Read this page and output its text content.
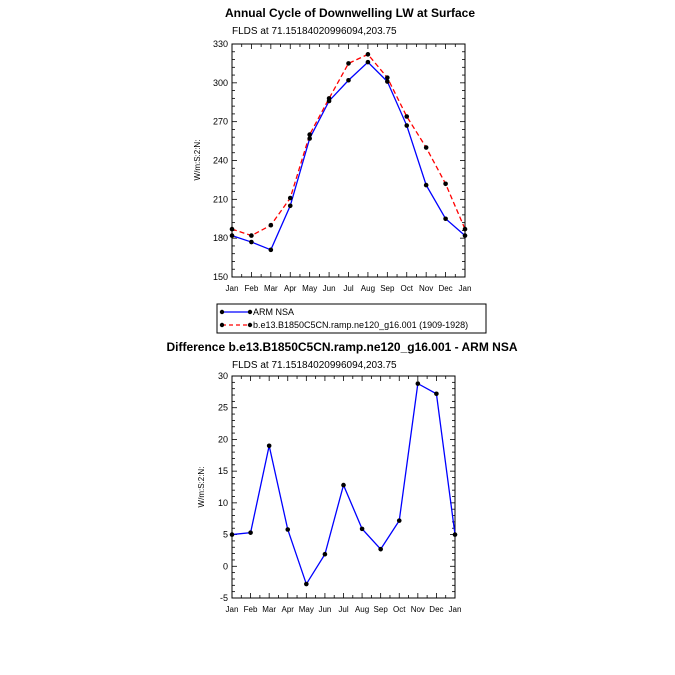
Annual Cycle of Downwelling LW at Surface
FLDS at 71.15184020996094,203.75
W/m:S:2:N:
150
180
210
240
270
300
330
Jan Feb Mar Apr May Jun Jul Aug Sep Oct Nov Dec Jan
ARM NSA
b.e13.B1850C5CN.ramp.ne120_g16.001 (1909-1928)
Difference b.e13.B1850C5CN.ramp.ne120_g16.001 - ARM NSA
FLDS at 71.15184020996094,203.75
W/m:S:2:N:
-5
0
5
10
15
20
25
30
Jan Feb Mar Apr May Jun Jul Aug Sep Oct Nov Dec Jan
